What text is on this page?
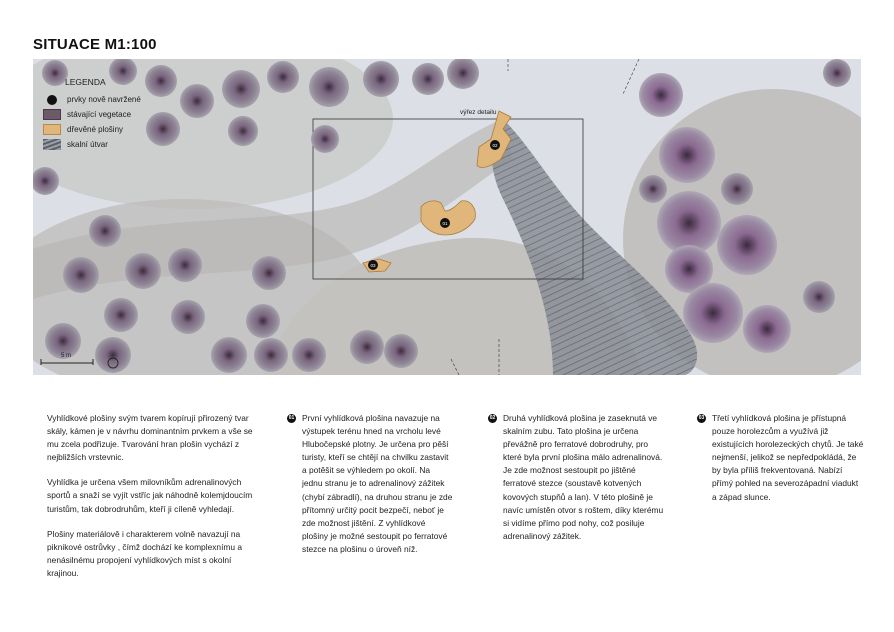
SITUACE M1:100
01
02
03
LEGENDA
prvky nově navržené
stávající vegetace
dřevěné plošiny
skalní útvar
výřez detailu
5 m

Vyhlídkové plošiny svým tvarem kopírují přirozený tvar
skály, kámen je v návrhu dominantním prvkem a vše se
mu zcela podřizuje. Tvarování hran plošin vychází z
nejbližších vrstevnic.

Vyhlídka je určena všem milovníkům adrenalinových
sportů a snaží se vyjít vstříc jak náhodně kolemjdoucím
turistům, tak dobrodruhům, kteří ji cíleně vyhledají.

Plošiny materiálově i charakterem volně navazují na
piknikové ostrůvky , čímž dochází ke komplexnímu a
nenásilnému propojení vyhlídkových míst s okolní
krajinou.

01 První vyhlídková plošina navazuje na
výstupek terénu hned na vrcholu levé
Hlubočepské plotny. Je určena pro pěší
turisty, kteří se chtějí na chvilku zastavit
a potěšit se výhledem po okolí. Na
jednu stranu je to adrenalinový zážitek
(chybí zábradlí), na druhou stranu je zde
přítomný určitý pocit bezpečí, neboť je
zde možnost jištění. Z vyhlídkové
plošiny je možné sestoupit po ferratové
stezce na plošinu o úroveň níž.
02 Druhá vyhlídková plošina je zaseknutá ve
skalním zubu. Tato plošina je určena
převážně pro ferratové dobrodruhy, pro
které byla první plošina málo adrenalinová.
Je zde možnost sestoupit po jištěné
ferratové stezce (soustavě kotvených
kovových stupňů a lan). V této plošině je
navíc umístěn otvor s roštem, díky kterému
si vidíme přímo pod nohy, což posiluje
adrenalinový zážitek.
03 Třetí vyhlídková plošina je přístupná
pouze horolezcům a využívá již
existujících horolezeckých chytů. Je také
nejmenší, jelikož se nepředpokládá, že
by byla příliš frekventovaná. Nabízí
přímý pohled na severozápadní viadukt
a západ slunce.
